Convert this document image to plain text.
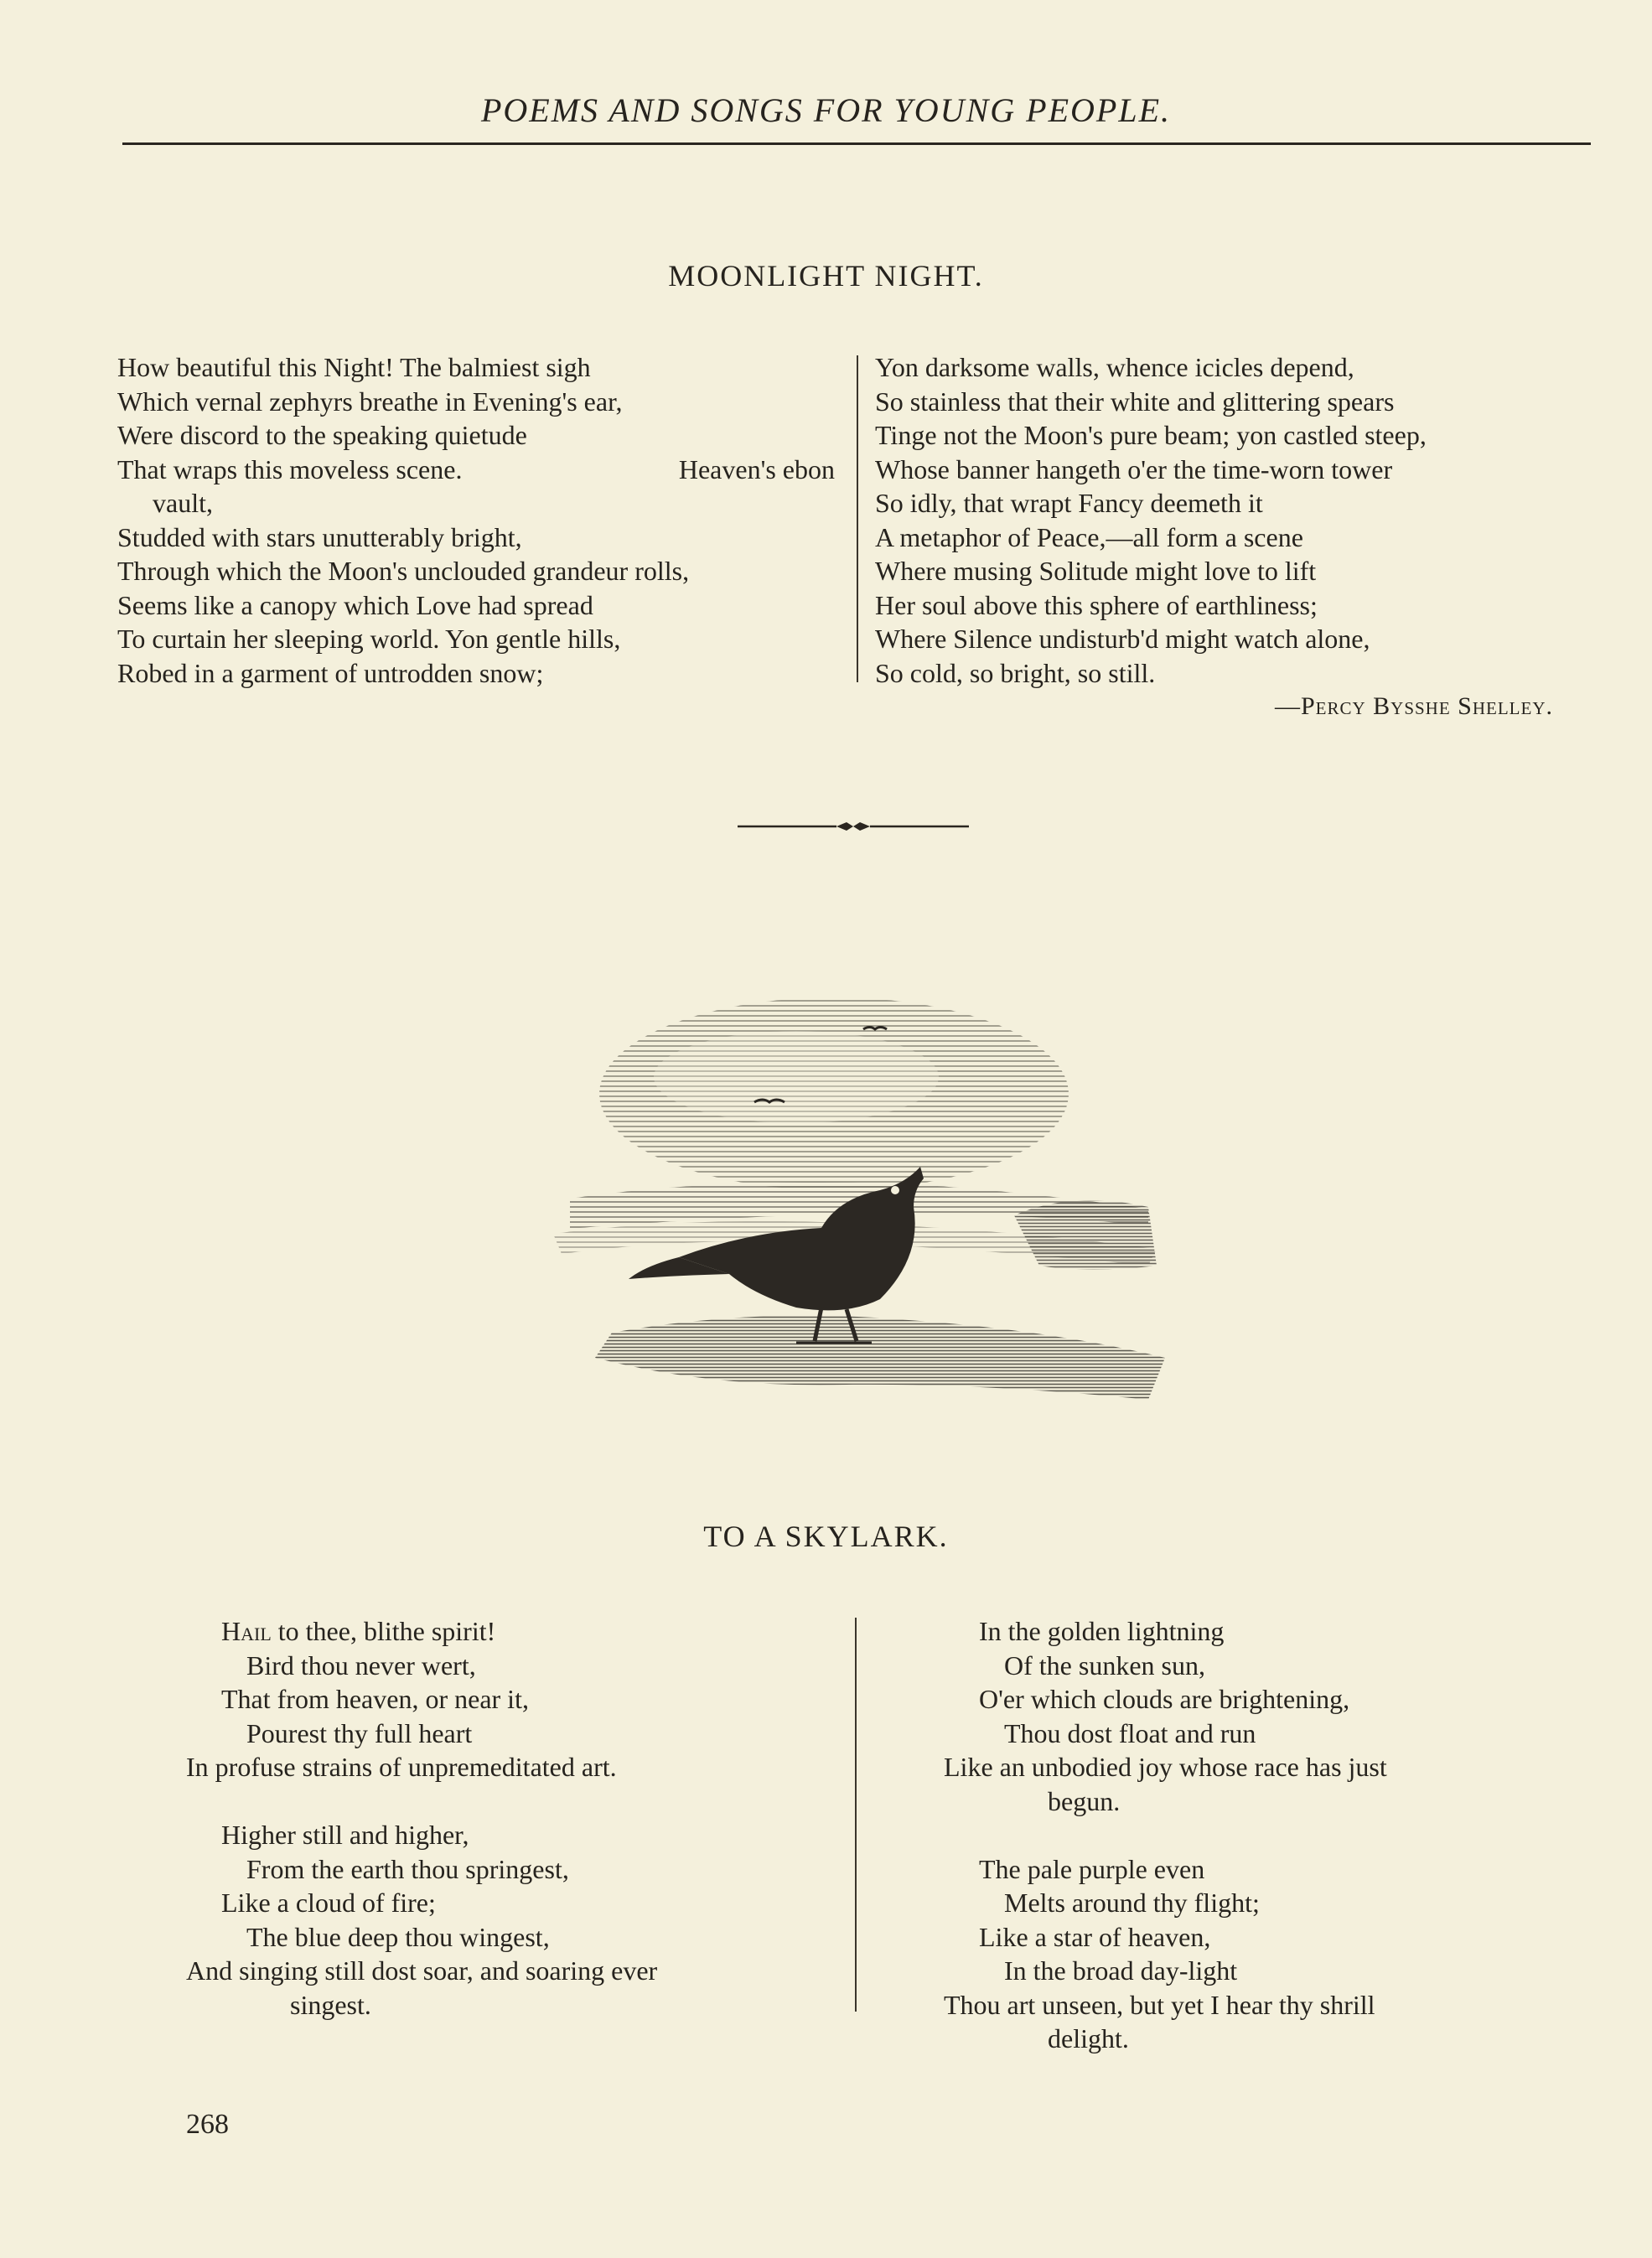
POEMS AND SONGS FOR YOUNG PEOPLE.
MOONLIGHT NIGHT.
How beautiful this Night! The balmiest sigh
Which vernal zephyrs breathe in Evening's ear,
Were discord to the speaking quietude
That wraps this moveless scene.	Heaven's ebon
vault,
Studded with stars unutterably bright,
Through which the Moon's unclouded grandeur rolls,
Seems like a canopy which Love had spread
To curtain her sleeping world. Yon gentle hills,
Robed in a garment of untrodden snow;
Yon darksome walls, whence icicles depend,
So stainless that their white and glittering spears
Tinge not the Moon's pure beam; yon castled steep,
Whose banner hangeth o'er the time-worn tower
So idly, that wrapt Fancy deemeth it
A metaphor of Peace,—all form a scene
Where musing Solitude might love to lift
Her soul above this sphere of earthliness;
Where Silence undisturb'd might watch alone,
So cold, so bright, so still.
—Percy Bysshe Shelley.
TO A SKYLARK.
Hail to thee, blithe spirit!
Bird thou never wert,
That from heaven, or near it,
Pourest thy full heart
In profuse strains of unpremeditated art.
Higher still and higher,
From the earth thou springest,
Like a cloud of fire;
The blue deep thou wingest,
And singing still dost soar, and soaring ever
singest.
In the golden lightning
Of the sunken sun,
O'er which clouds are brightening,
Thou dost float and run
Like an unbodied joy whose race has just
begun.
The pale purple even
Melts around thy flight;
Like a star of heaven,
In the broad day-light
Thou art unseen, but yet I hear thy shrill
delight.
268
